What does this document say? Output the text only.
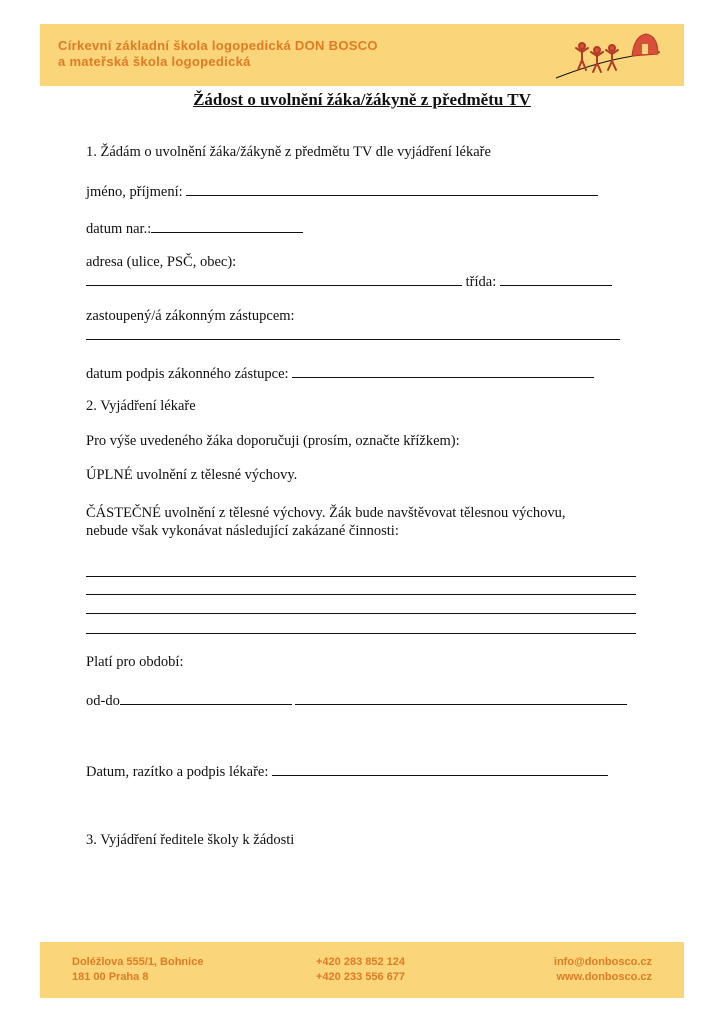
Církevní základní škola logopedická DON BOSCO
a mateřská škola logopedická
Žádost o uvolnění žáka/žákyně z předmětu TV
1. Žádám o uvolnění žáka/žákyně z předmětu TV dle vyjádření lékaře
jméno, příjmení:
datum nar.:
adresa (ulice, PSČ, obec):
třída:
zastoupený/á zákonným zástupcem:
datum podpis zákonného zástupce:
2. Vyjádření lékaře
Pro výše uvedeného žáka doporučuji (prosím, označte křížkem):
ÚPLNÉ uvolnění z tělesné výchovy.
ČÁSTEČNÉ uvolnění z tělesné výchovy. Žák bude navštěvovat tělesnou výchovu,
nebude však vykonávat následující zakázané činnosti:
Platí pro období:
od-do
Datum, razítko a podpis lékaře:
3. Vyjádření ředitele školy k žádosti
Doléžlova 555/1, Bohnice
181 00 Praha 8
+420 283 852 124
+420 233 556 677
info@donbosco.cz
www.donbosco.cz
